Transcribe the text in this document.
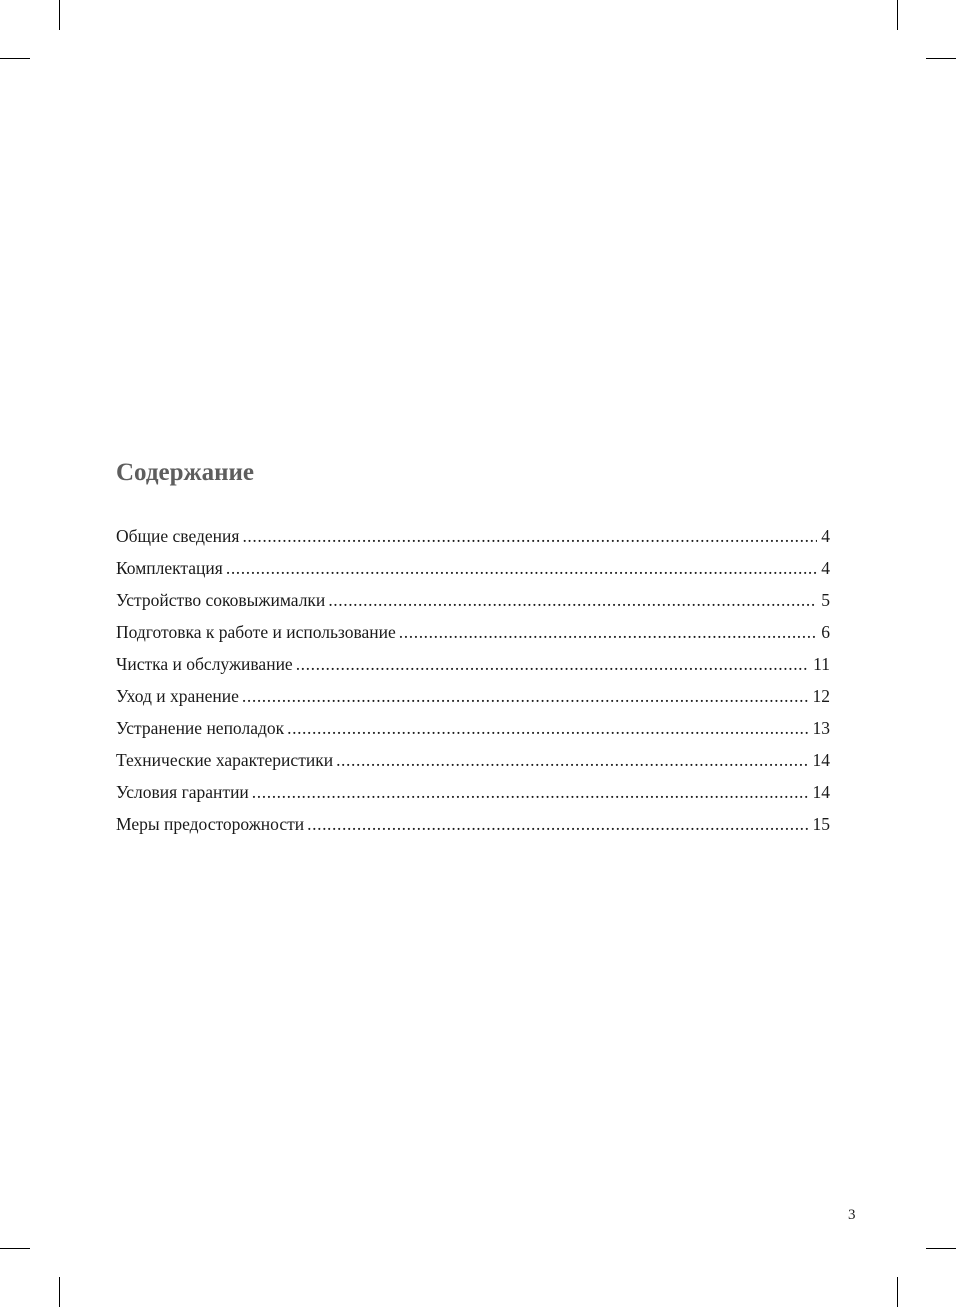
Содержание
Общие сведения .....	4
Комплектация .....	4
Устройство соковыжималки .....	5
Подготовка к работе и использование .....	6
Чистка и обслуживание .....	11
Уход и хранение .....	12
Устранение неполадок .....	13
Технические характеристики .....	14
Условия гарантии .....	14
Меры предосторожности .....	15
3
